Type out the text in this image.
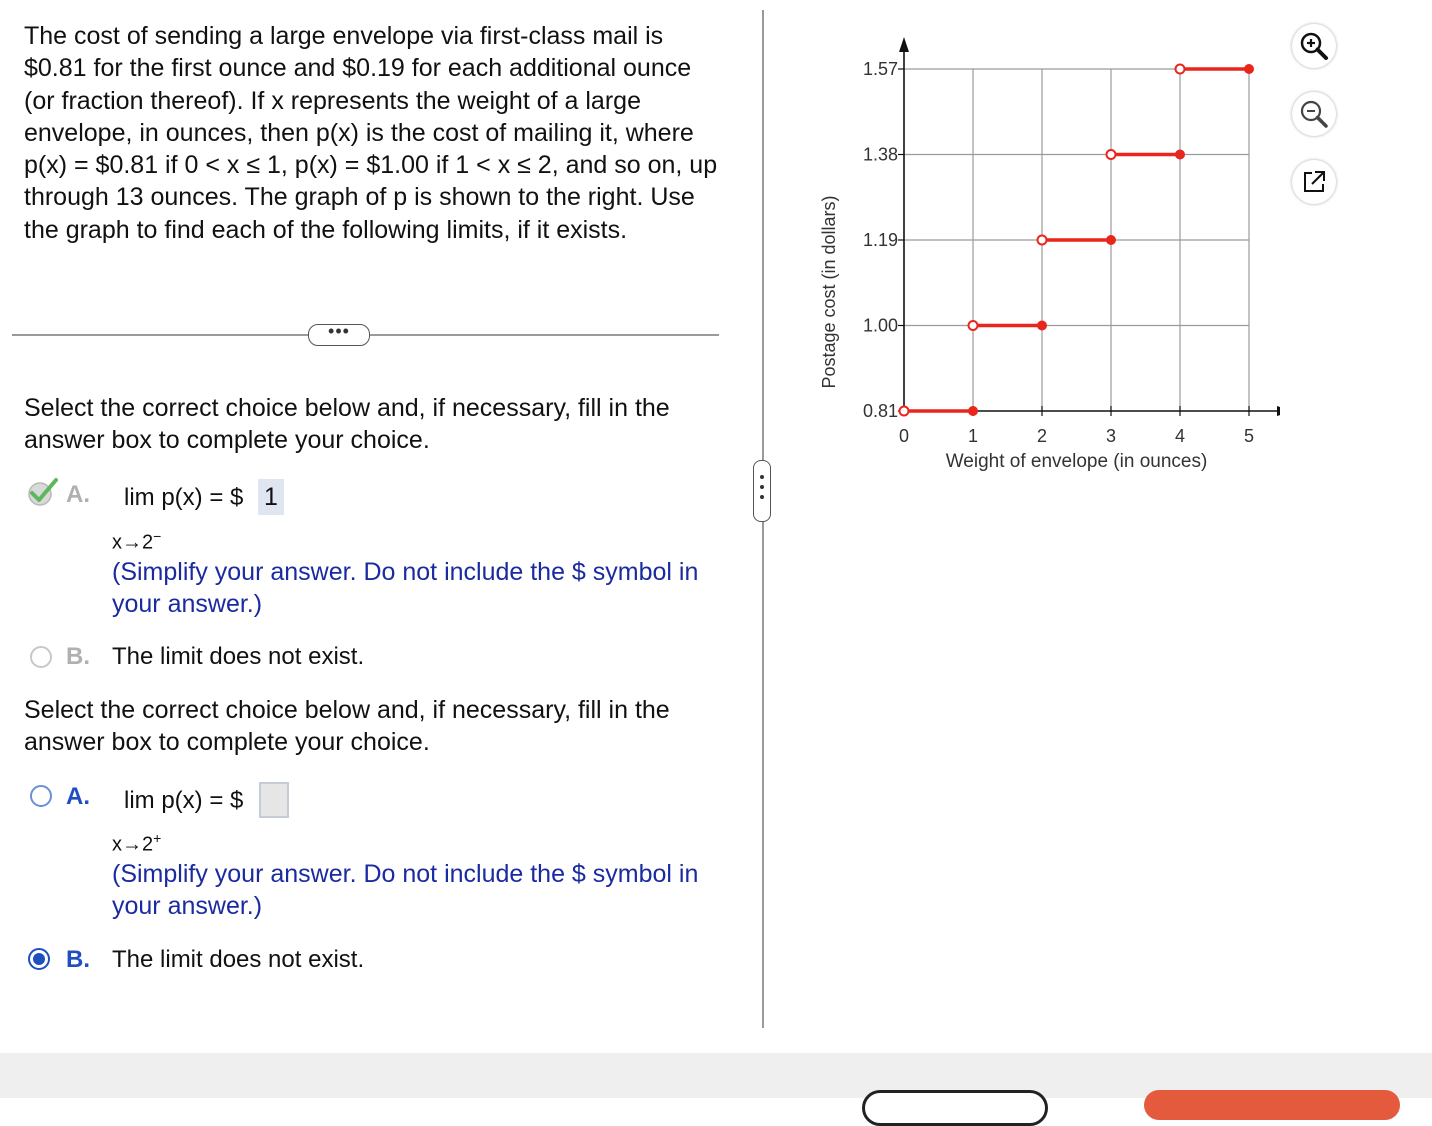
The cost of sending a large envelope via first-class mail is $0.81 for the first ounce and $0.19 for each additional ounce (or fraction thereof). If x represents the weight of a large envelope, in ounces, then p(x) is the cost of mailing it, where p(x) = $0.81 if 0 < x ≤ 1, p(x) = $1.00 if 1 < x ≤ 2, and so on, up through 13 ounces. The graph of p is shown to the right. Use the graph to find each of the following limits, if it exists.

•••

Select the correct choice below and, if necessary, fill in the answer box to complete your choice.

A. lim p(x) = $ 1
x→2−

(Simplify your answer. Do not include the $ symbol in your answer.)

B. The limit does not exist.

Select the correct choice below and, if necessary, fill in the answer box to complete your choice.

A. lim p(x) = $
x→2+

(Simplify your answer. Do not include the $ symbol in your answer.)

B. The limit does not exist.
0	1	2	3	4	5
0.81
1.00
1.19
1.38
1.57
Weight of envelope (in ounces)
Postage cost (in dollars)
